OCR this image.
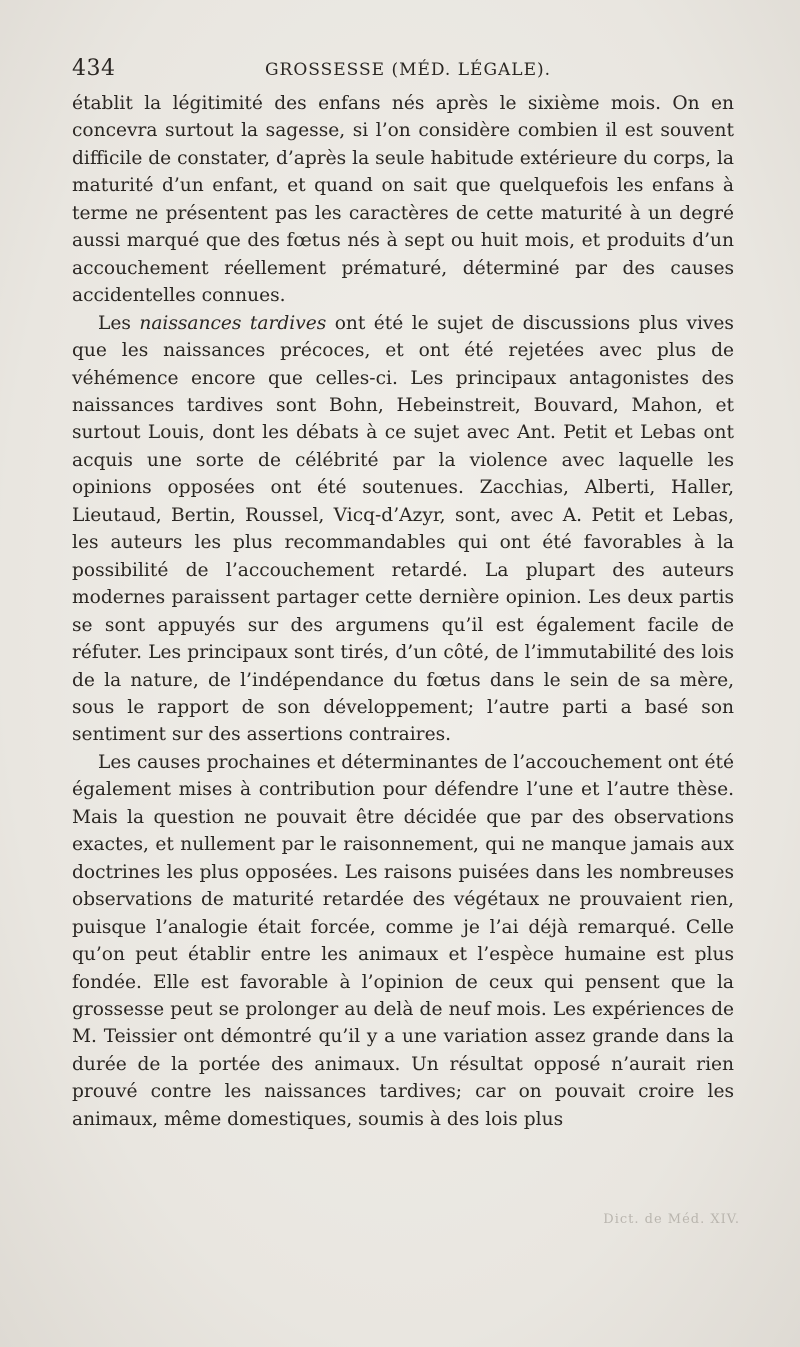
434	GROSSESSE (MÉD. LÉGALE).

établit la légitimité des enfans nés après le sixième mois. On en concevra surtout la sagesse, si l’on considère combien il est souvent difficile de constater, d’après la seule habitude extérieure du corps, la maturité d’un enfant, et quand on sait que quelquefois les enfans à terme ne présentent pas les caractères de cette maturité à un degré aussi marqué que des fœtus nés à sept ou huit mois, et produits d’un accouchement réellement prématuré, déterminé par des causes accidentelles connues.

Les naissances tardives ont été le sujet de discussions plus vives que les naissances précoces, et ont été rejetées avec plus de véhémence encore que celles-ci. Les principaux antagonistes des naissances tardives sont Bohn, Hebeinstreit, Bouvard, Mahon, et surtout Louis, dont les débats à ce sujet avec Ant. Petit et Lebas ont acquis une sorte de célébrité par la violence avec laquelle les opinions opposées ont été soutenues. Zacchias, Alberti, Haller, Lieutaud, Bertin, Roussel, Vicq-d’Azyr, sont, avec A. Petit et Lebas, les auteurs les plus recommandables qui ont été favorables à la possibilité de l’accouchement retardé. La plupart des auteurs modernes paraissent partager cette dernière opinion. Les deux partis se sont appuyés sur des argumens qu’il est également facile de réfuter. Les principaux sont tirés, d’un côté, de l’immutabilité des lois de la nature, de l’indépendance du fœtus dans le sein de sa mère, sous le rapport de son développement; l’autre parti a basé son sentiment sur des assertions contraires.

Les causes prochaines et déterminantes de l’accouchement ont été également mises à contribution pour défendre l’une et l’autre thèse. Mais la question ne pouvait être décidée que par des observations exactes, et nullement par le raisonnement, qui ne manque jamais aux doctrines les plus opposées. Les raisons puisées dans les nombreuses observations de maturité retardée des végétaux ne prouvaient rien, puisque l’analogie était forcée, comme je l’ai déjà remarqué. Celle qu’on peut établir entre les animaux et l’espèce humaine est plus fondée. Elle est favorable à l’opinion de ceux qui pensent que la grossesse peut se prolonger au delà de neuf mois. Les expériences de M. Teissier ont démontré qu’il y a une variation assez grande dans la durée de la portée des animaux. Un résultat opposé n’aurait rien prouvé contre les naissances tardives; car on pouvait croire les animaux, même domestiques, soumis à des lois plus

Dict. de Méd. XIV.
